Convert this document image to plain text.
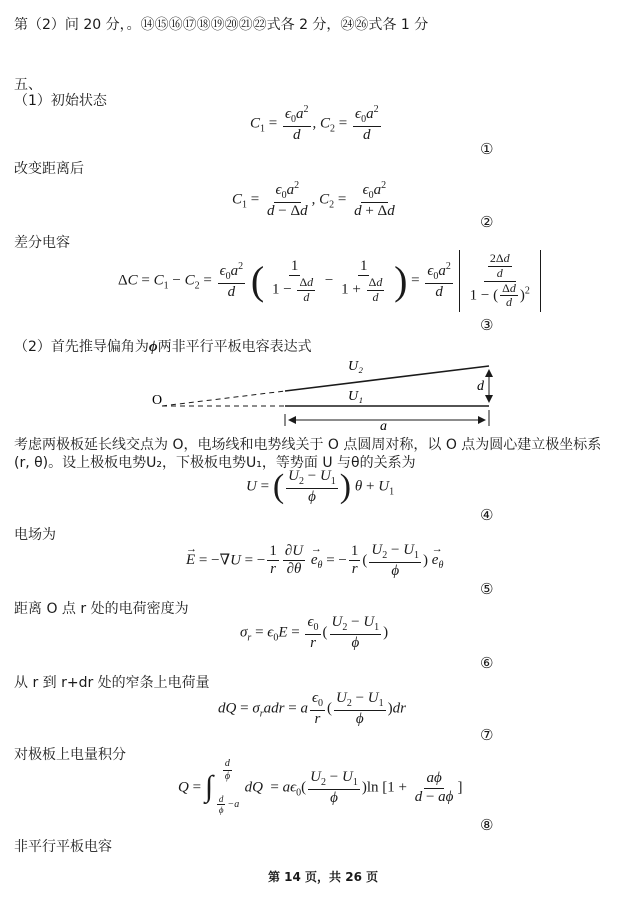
第（2）问 20 分，。⑭⑮⑯⑰⑱⑲⑳㉑㉒式各 2 分，㉔㉖式各 1 分
五、
（1）初始状态
$C_1 = \frac{\epsilon_0a^2}{d}$ , $C_2 = \frac{\epsilon_0a^2}{d}$
①
改变距离后
$C_1 = \frac{\epsilon_0a^2}{d - \Delta d}$ , $C_2 = \frac{\epsilon_0a^2}{d + \Delta d}$
②
差分电容
$\Delta C = C_1 - C_2 = \frac{\epsilon_0a^2}{d}$ ( $\frac{1}{1 - \frac{\Delta d}{d}} - \frac{1}{1 + \frac{\Delta d}{d}}$ ) = $\frac{\epsilon_0a^2}{d}$
$\frac{\frac{2\Delta d}{d}}{1 - ( \frac{\Delta d}{d} )^2}$
③
（2）首先推导偏角为ϕ两非平行平板电容表达式
O
U₂
U₁
d
a
考虑两极板延长线交点为 O，电场线和电势线关于 O 点圆周对称，以 O 点为圆心建立极坐标系
(r, θ)。设上极板电势U₂，下极板电势U₁，等势面 U 与θ的关系为
U = ( $\frac{U_2 - U_1}{\phi}$ ) $\theta + U_1$
④
电场为
→ E = −∇U = − $\frac{1}{r} \frac{\partial U}{\partial\theta}$
→ $e_\theta$ = − $\frac{1}{r}$ ( $\frac{U_2 - U_1}{\phi}$ ) → $e_\theta$
⑤
距离 O 点 r 处的电荷密度为
$\sigma_r = \epsilon_0E = \frac{\epsilon_0}{r}$ ( $\frac{U_2 - U_1}{\phi}$ )
⑥
从 r 到 r+dr 处的窄条上电荷量
dQ = $\sigma_radr = a \frac{\epsilon_0}{r}$ ( $\frac{U_2 - U_1}{\phi} )dr$
⑦
对极板上电量积分
Q = ∫ $\frac{d}{\phi}$
$\frac{d}{\phi} -a$
dQ  = $a\epsilon_0( \frac{U_2 - U_1}{\phi} )\ln$ [$1 + \frac{a\phi}{d - a\phi}$ ]
⑧
非平行平板电容
第 14 页，共 26 页
